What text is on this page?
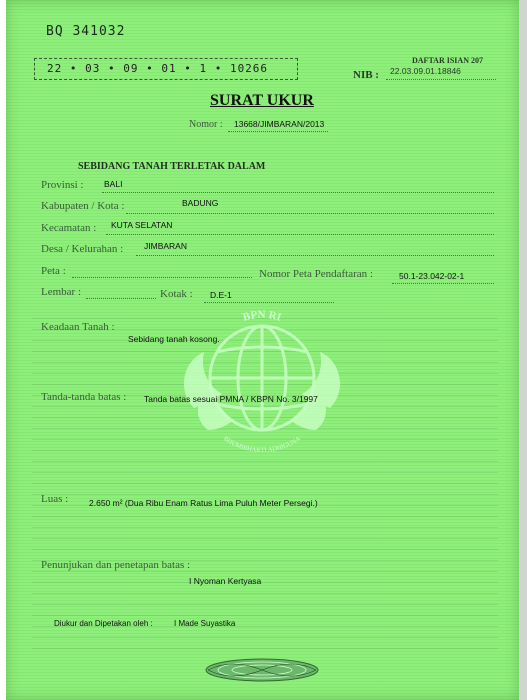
BQ 341032
22 • 03 • 09 • 01 • 1 • 10266
DAFTAR ISIAN 207
NIB : 22.03.09.01.18846
SURAT UKUR
Nomor : 13668/JIMBARAN/2013
SEBIDANG TANAH TERLETAK DALAM
Provinsi : BALI
Kabupaten / Kota :	BADUNG
Kecamatan : KUTA SELATAN
Desa / Kelurahan : JIMBARAN
Peta :	Nomor Peta Pendaftaran :	50.1-23.042-02-1
Lembar :	Kotak : D.E-1
BPN RI
BHUMIBHAKTI ADHIGUNA
Keadaan Tanah :
Sebidang tanah kosong.
Tanda-tanda batas : Tanda batas sesuai PMNA / KBPN No. 3/1997
Luas : 2.650 m² (Dua Ribu Enam Ratus Lima Puluh Meter Persegi.)
Penunjukan dan penetapan batas :
I Nyoman Kertyasa
Diukur dan Dipetakan oleh :	I Made Suyastika
